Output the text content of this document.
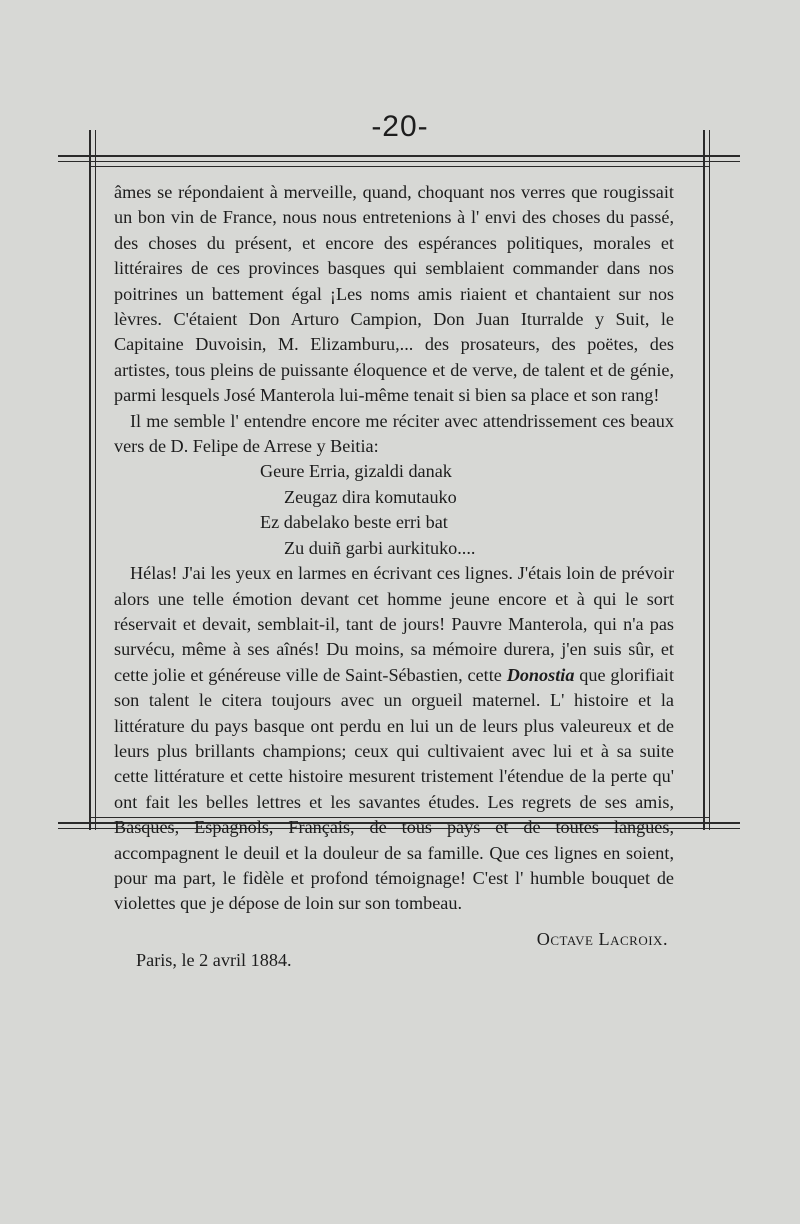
-20-

âmes se répondaient à merveille, quand, choquant nos verres que rougissait un bon vin de France, nous nous entretenions à l' envi des choses du passé, des choses du présent, et encore des espérances politiques, morales et littéraires de ces provinces basques qui semblaient commander dans nos poitrines un battement égal ¡Les noms amis riaient et chantaient sur nos lèvres. C'étaient Don Arturo Campion, Don Juan Iturralde y Suit, le Capitaine Duvoisin, M. Elizamburu,... des prosateurs, des poëtes, des artistes, tous pleins de puissante éloquence et de verve, de talent et de génie, parmi lesquels José Manterola lui-même tenait si bien sa place et son rang!

Il me semble l' entendre encore me réciter avec attendrissement ces beaux vers de D. Felipe de Arrese y Beitia:

Geure Erria, gizaldi danak
Zeugaz dira komutauko
Ez dabelako beste erri bat
Zu duiñ garbi aurkituko....

Hélas! J'ai les yeux en larmes en écrivant ces lignes. J'étais loin de prévoir alors une telle émotion devant cet homme jeune encore et à qui le sort réservait et devait, semblait-il, tant de jours! Pauvre Manterola, qui n'a pas survécu, même à ses aînés! Du moins, sa mémoire durera, j'en suis sûr, et cette jolie et généreuse ville de Saint-Sébastien, cette Donostia que glorifiait son talent le citera toujours avec un orgueil maternel. L' histoire et la littérature du pays basque ont perdu en lui un de leurs plus valeureux et de leurs plus brillants champions; ceux qui cultivaient avec lui et à sa suite cette littérature et cette histoire mesurent tristement l'étendue de la perte qu' ont fait les belles lettres et les savantes études. Les regrets de ses amis, Basques, Espagnols, Français, de tous pays et de toutes langues, accompagnent le deuil et la douleur de sa famille. Que ces lignes en soient, pour ma part, le fidèle et profond témoignage! C'est l' humble bouquet de violettes que je dépose de loin sur son tombeau.

Octave Lacroix.
Paris, le 2 avril 1884.
